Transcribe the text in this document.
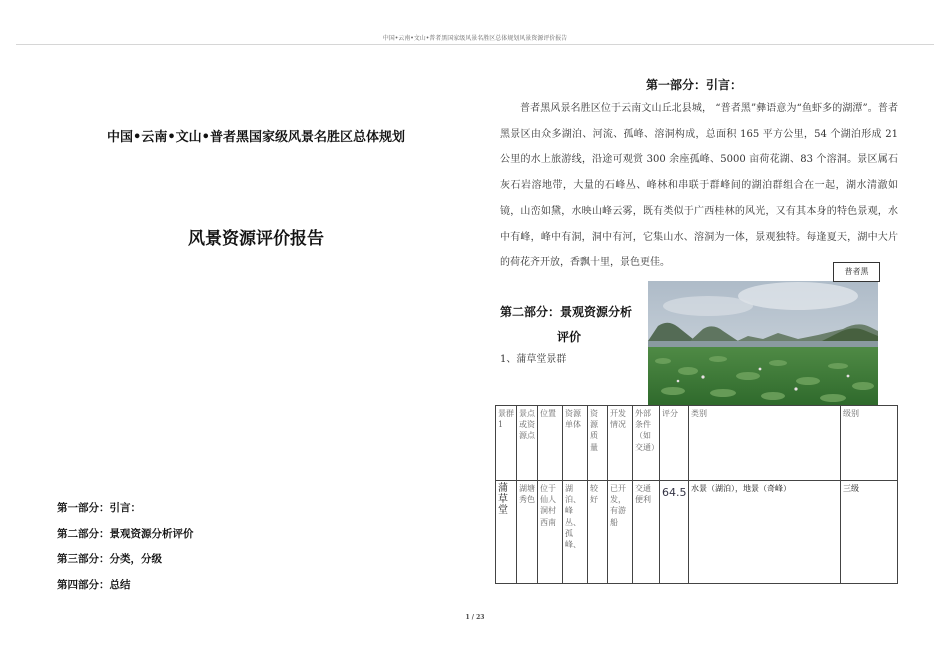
中国•云南•文山•普者黑国家级风景名胜区总体规划风景资源评价报告
中国•云南•文山•普者黑国家级风景名胜区总体规划
风景资源评价报告
第一部分：引言：
第二部分：景观资源分析评价
第三部分：分类，分级
第四部分：总结
第一部分：引言：
普者黑风景名胜区位于云南文山丘北县城， “普者黑”彝语意为“鱼虾多的湖潭”。普者黑景区由众多湖泊、河流、孤峰、溶洞构成，总面积 165 平方公里，54 个湖泊形成 21 公里的水上旅游线，沿途可观赏 300 余座孤峰、5000 亩荷花湖、83 个溶洞。景区属石灰石岩溶地带，大量的石峰丛、峰林和串联于群峰间的湖泊群组合在一起，湖水清澈如镜，山峦如黛，水映山峰云雾，既有类似于广西桂林的风光，又有其本身的特色景观，水中有峰，峰中有洞，洞中有河，它集山水、溶洞为一体，景观独特。每逢夏天，湖中大片的荷花齐开放，香飘十里，景色更佳。
第二部分：景观资源分析
评价
1、蒲草堂景群
普者黑
景群1	景点或资源点	位置	资源单体	资源质量	开发情况	外部条件（如交通）	评分	类别	级别
蒲草堂	湖塘秀色	位于仙人洞村西南	湖泊、峰丛、孤峰、	较好	已开发，有游船	交通便利	64.5	水景（湖泊），地景（奇峰）	三级
1 / 23
